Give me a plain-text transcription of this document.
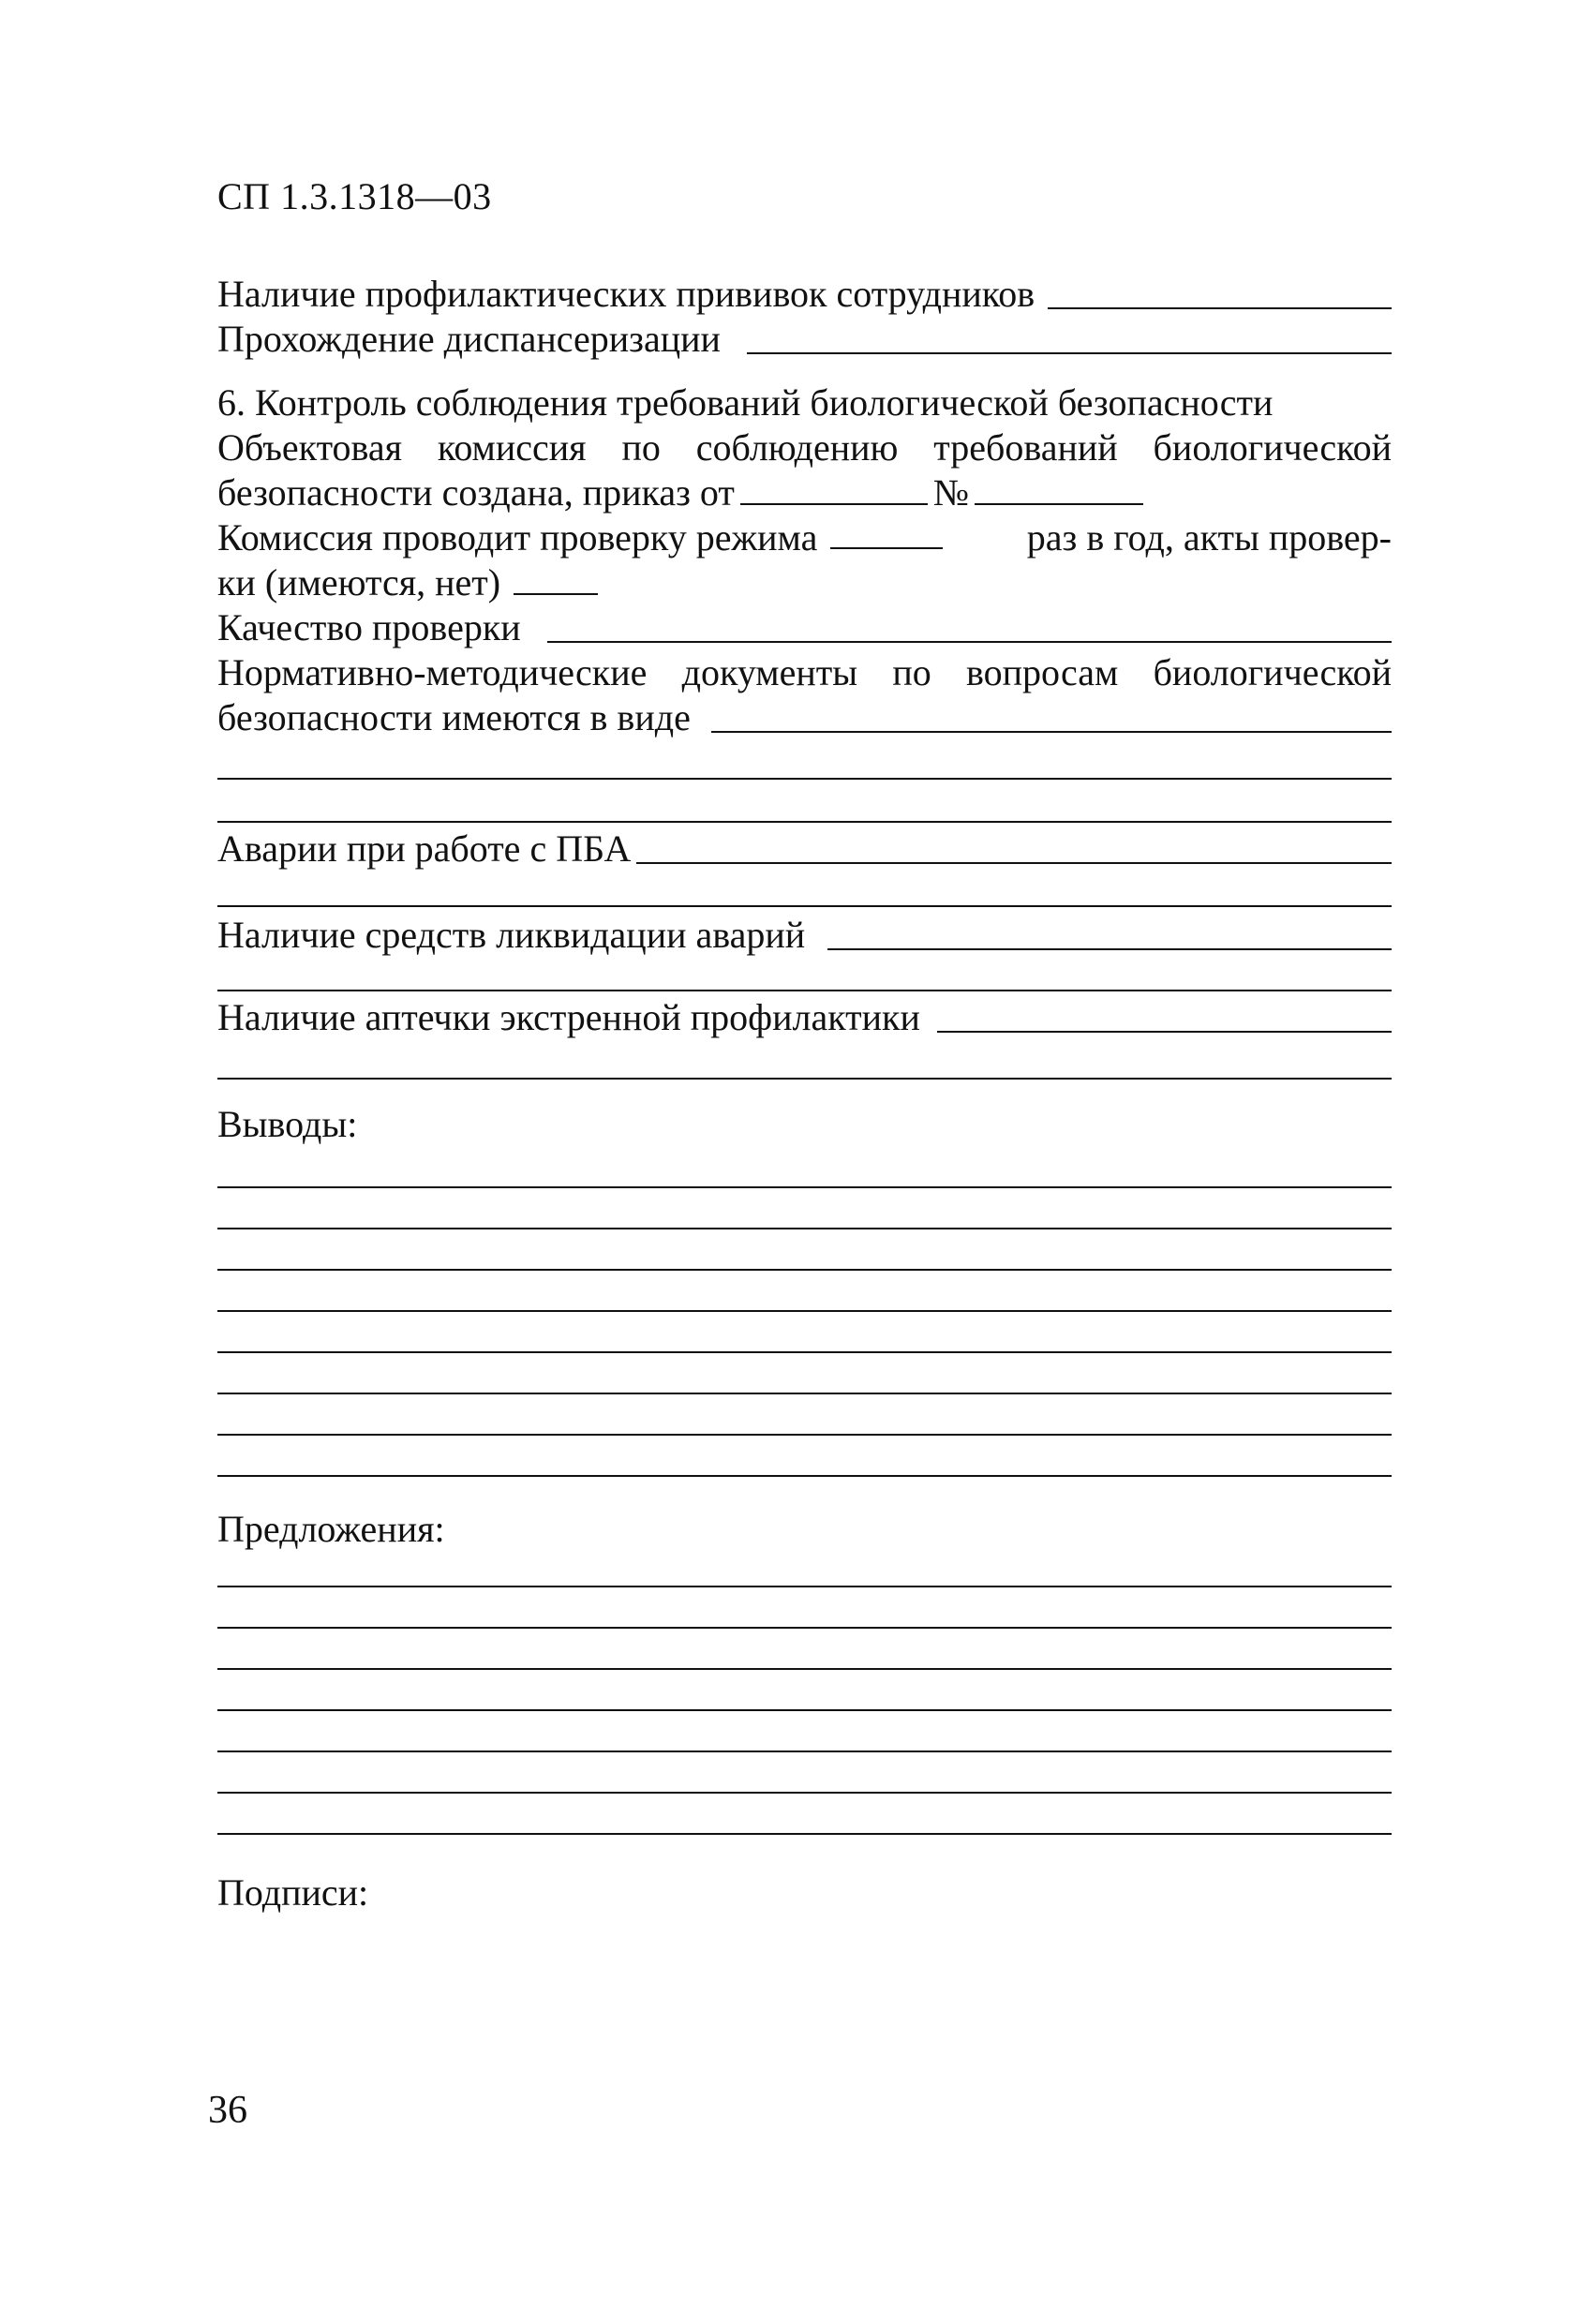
СП 1.3.1318—03
Наличие профилактических прививок сотрудников
Прохождение диспансеризации
6. Контроль соблюдения требований биологической безопасности
Объектовая комиссия по соблюдению требований биологической
безопасности создана, приказ от	№
Комиссия проводит проверку режима	раз в год, акты провер-
ки (имеются, нет)
Качество проверки
Нормативно-методические документы по вопросам биологической
безопасности имеются в виде
Аварии при работе с ПБА
Наличие средств ликвидации аварий
Наличие аптечки экстренной профилактики
Выводы:
Предложения:
Подписи:
36
